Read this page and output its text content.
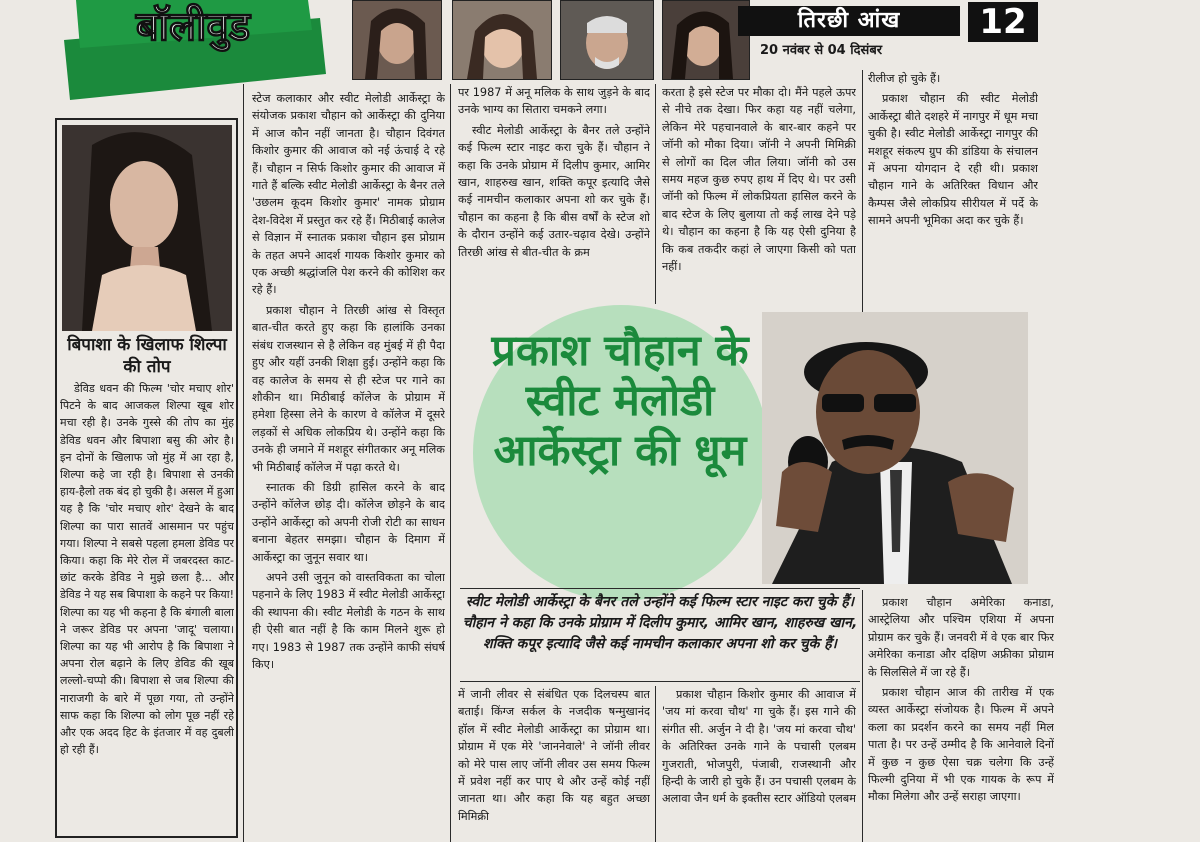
बॉलीवुड	तिरछी आंख	12
20 नवंबर से 04 दिसंबर
बिपाशा के खिलाफ शिल्पा की तोप

डेविड धवन की फिल्म 'चोर मचाए शोर' पिटने के बाद आजकल शिल्पा खूब शोर मचा रही है। उनके गुस्से की तोप का मुंह डेविड धवन और बिपाशा बसु की ओर है। इन दोनों के खिलाफ जो मुंह में आ रहा है, शिल्पा कहे जा रही है। बिपाशा से उनकी हाय-हैलो तक बंद हो चुकी है। असल में हुआ यह है कि 'चोर मचाए शोर' देखने के बाद शिल्पा का पारा सातवें आसमान पर पहुंच गया। शिल्पा ने सबसे पहला हमला डेविड पर किया। कहा कि मेरे रोल में जबरदस्त काट-छांट करके डेविड ने मुझे छला है... और डेविड ने यह सब बिपाशा के कहने पर किया! शिल्पा का यह भी कहना है कि बंगाली बाला ने जरूर डेविड पर अपना 'जादू' चलाया। शिल्पा का यह भी आरोप है कि बिपाशा ने अपना रोल बढ़ाने के लिए डेविड की खूब लल्लो-चप्पो की। बिपाशा से जब शिल्पा की नाराजगी के बारे में पूछा गया, तो उन्होंने साफ कहा कि शिल्पा को लोग पूछ नहीं रहे और एक अदद हिट के इंतजार में वह दुबली हो रही हैं।

स्टेज कलाकार और स्वीट मेलोडी आर्केस्ट्रा के संयोजक प्रकाश चौहान को आर्केस्ट्रा की दुनिया में आज कौन नहीं जानता है। चौहान दिवंगत किशोर कुमार की आवाज को नई ऊंचाई दे रहे हैं। चौहान न सिर्फ किशोर कुमार की आवाज में गाते हैं बल्कि स्वीट मेलोडी आर्केस्ट्रा के बैनर तले 'उछलम कूदम किशोर कुमार' नामक प्रोग्राम देश-विदेश में प्रस्तुत कर रहे हैं। मिठीबाई कालेज से विज्ञान में स्नातक प्रकाश चौहान इस प्रोग्राम के तहत अपने आदर्श गायक किशोर कुमार को एक अच्छी श्रद्धांजलि पेश करने की कोशिश कर रहे हैं।

प्रकाश चौहान ने तिरछी आंख से विस्तृत बात-चीत करते हुए कहा कि हालांकि उनका संबंध राजस्थान से है लेकिन वह मुंबई में ही पैदा हुए और यहीं उनकी शिक्षा हुई। उन्होंने कहा कि वह कालेज के समय से ही स्टेज पर गाने का शौकीन था। मिठीबाई कॉलेज के प्रोग्राम में हमेशा हिस्सा लेने के कारण वे कॉलेज में दूसरे लड़कों से अधिक लोकप्रिय थे। उन्होंने कहा कि उनके ही जमाने में मशहूर संगीतकार अनू मलिक भी मिठीबाई कॉलेज में पढ़ा करते थे।

स्नातक की डिग्री हासिल करने के बाद उन्होंने कॉलेज छोड़ दी। कॉलेज छोड़ने के बाद उन्होंने आर्केस्ट्रा को अपनी रोजी रोटी का साधन बनाना बेहतर समझा। चौहान के दिमाग में आर्केस्ट्रा का जुनून सवार था।

अपने उसी जुनून को वास्तविकता का चोला पहनाने के लिए 1983 में स्वीट मेलोडी आर्केस्ट्रा की स्थापना की। स्वीट मेलोडी के गठन के साथ ही ऐसी बात नहीं है कि काम मिलने शुरू हो गए। 1983 से 1987 तक उन्होंने काफी संघर्ष किए।

पर 1987 में अनू मलिक के साथ जुड़ने के बाद उनके भाग्य का सितारा चमकने लगा।

स्वीट मेलोडी आर्केस्ट्रा के बैनर तले उन्होंने कई फिल्म स्टार नाइट करा चुके हैं। चौहान ने कहा कि उनके प्रोग्राम में दिलीप कुमार, आमिर खान, शाहरुख खान, शक्ति कपूर इत्यादि जैसे कई नामचीन कलाकार अपना शो कर चुके हैं। चौहान का कहना है कि बीस वर्षों के स्टेज शो के दौरान उन्होंने कई उतार-चढ़ाव देखे। उन्होंने तिरछी आंख से बीत-चीत के क्रम

करता है इसे स्टेज पर मौका दो। मैंने पहले ऊपर से नीचे तक देखा। फिर कहा यह नहीं चलेगा, लेकिन मेरे पहचानवाले के बार-बार कहने पर जॉनी को मौका दिया। जॉनी ने अपनी मिमिक्री से लोगों का दिल जीत लिया। जॉनी को उस समय महज कुछ रुपए हाथ में दिए थे। पर उसी जॉनी को फिल्म में लोकप्रियता हासिल करने के बाद स्टेज के लिए बुलाया तो कई लाख देने पड़े थे। चौहान का कहना है कि यह ऐसी दुनिया है कि कब तकदीर कहां ले जाएगा किसी को पता नहीं।

रीलीज हो चुके हैं।

प्रकाश चौहान की स्वीट मेलोडी आर्केस्ट्रा बीते दशहरे में नागपुर में धूम मचा चुकी है। स्वीट मेलोडी आर्केस्ट्रा नागपुर की मशहूर संकल्प ग्रुप की डांडिया के संचालन में अपना योगदान दे रही थी। प्रकाश चौहान गाने के अतिरिक्त विधान और कैम्पस जैसे लोकप्रिय सीरीयल में पर्दे के सामने अपनी भूमिका अदा कर चुके हैं।

प्रकाश चौहान के स्वीट मेलोडी आर्केस्ट्रा की धूम
स्वीट मेलोडी आर्केस्ट्रा के बैनर तले उन्होंने कई फिल्म स्टार नाइट करा चुके हैं। चौहान ने कहा कि उनके प्रोग्राम में दिलीप कुमार, आमिर खान, शाहरुख खान, शक्ति कपूर इत्यादि जैसे कई नामचीन कलाकार अपना शो कर चुके हैं।

में जानी लीवर से संबंधित एक दिलचस्प बात बताई। किंग्ज सर्कल के नजदीक षन्मुखानंद हॉल में स्वीट मेलोडी आर्केस्ट्रा का प्रोग्राम था। प्रोग्राम में एक मेरे 'जाननेवाले' ने जॉनी लीवर को मेरे पास लाए जॉनी लीवर उस समय फिल्म में प्रवेश नहीं कर पाए थे और उन्हें कोई नहीं जानता था। और कहा कि यह बहुत अच्छा मिमिक्री

प्रकाश चौहान किशोर कुमार की आवाज में 'जय मां करवा चौथ' गा चुके हैं। इस गाने की संगीत सी. अर्जुन ने दी है। 'जय मां करवा चौथ' के अतिरिक्त उनके गाने के पचासी एलबम गुजराती, भोजपुरी, पंजाबी, राजस्थानी और हिन्दी के जारी हो चुके हैं। उन पचासी एलबम के अलावा जैन धर्म के इक्तीस स्टार ऑडियो एलबम

प्रकाश चौहान अमेरिका कनाडा, आस्ट्रेलिया और पश्चिम एशिया में अपना प्रोग्राम कर चुके हैं। जनवरी में वे एक बार फिर अमेरिका कनाडा और दक्षिण अफ्रीका प्रोग्राम के सिलसिले में जा रहे हैं।

प्रकाश चौहान आज की तारीख में एक व्यस्त आर्केस्ट्रा संजोयक है। फिल्म में अपने कला का प्रदर्शन करने का समय नहीं मिल पाता है। पर उन्हें उम्मीद है कि आनेवाले दिनों में कुछ न कुछ ऐसा चक्र चलेगा कि उन्हें फिल्मी दुनिया में भी एक गायक के रूप में मौका मिलेगा और उन्हें सराहा जाएगा।
